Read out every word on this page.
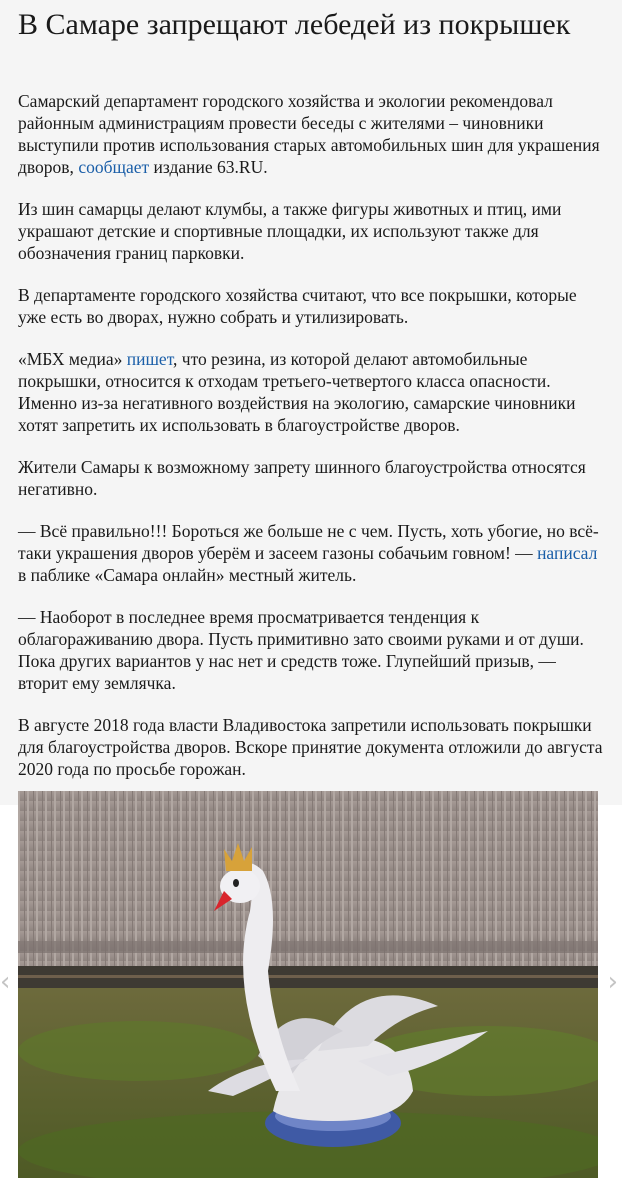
В Самаре запрещают лебедей из покрышек

Самарский департамент городского хозяйства и экологии рекомендовал районным администрациям провести беседы с жителями – чиновники выступили против использования старых автомобильных шин для украшения дворов, сообщает издание 63.RU.

Из шин самарцы делают клумбы, а также фигуры животных и птиц, ими украшают детские и спортивные площадки, их используют также для обозначения границ парковки.

В департаменте городского хозяйства считают, что все покрышки, которые уже есть во дворах, нужно собрать и утилизировать.

«МБХ медиа» пишет, что резина, из которой делают автомобильные покрышки, относится к отходам третьего-четвертого класса опасности. Именно из-за негативного воздействия на экологию, самарские чиновники хотят запретить их использовать в благоустройстве дворов.

Жители Самары к возможному запрету шинного благоустройства относятся негативно.

— Всё правильно!!! Бороться же больше не с чем. Пусть, хоть убогие, но всё-таки украшения дворов уберём и засеем газоны собачьим говном! — написал в паблике «Самара онлайн» местный житель.

— Наоборот в последнее время просматривается тенденция к облагораживанию двора. Пусть примитивно зато своими руками и от души. Пока других вариантов у нас нет и средств тоже. Глупейший призыв, — вторит ему землячка.

В августе 2018 года власти Владивостока запретили использовать покрышки для благоустройства дворов. Вскоре принятие документа отложили до августа 2020 года по просьбе горожан.

‹	›
